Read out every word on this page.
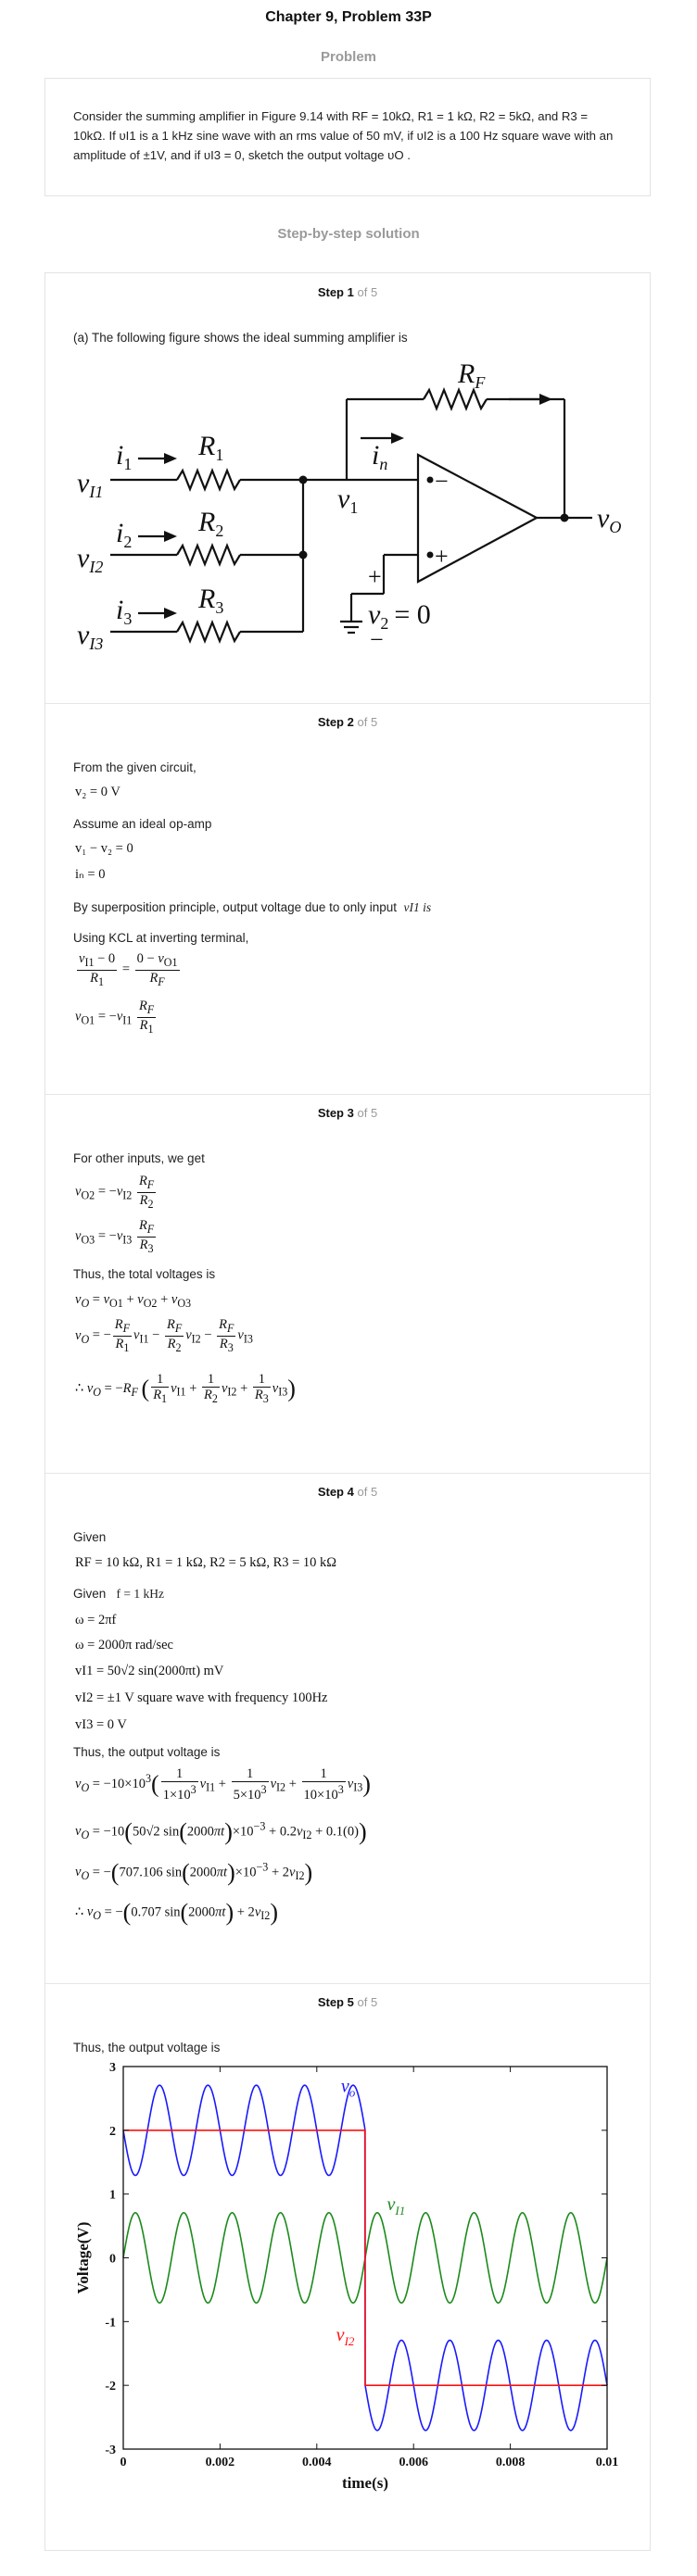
Chapter 9, Problem 33P
Problem
Consider the summing amplifier in Figure 9.14 with RF = 10kΩ, R1 = 1 kΩ, R2 = 5kΩ, and R3 = 10kΩ. If υI1 is a 1 kHz sine wave with an rms value of 50 mV, if υI2 is a 100 Hz square wave with an amplitude of ±1V, and if υI3 = 0, sketch the output voltage υO .
Step-by-step solution
Step 1 of 5
(a) The following figure shows the ideal summing amplifier is
$R_F$
$R_1$
$R_2$
$R_3$
$i_1$
$i_2$
$i_3$
$i_n$
$v_1$
$v_2 = 0$
$v_O$
$v_{I1}$
$v_{I2}$
$v_{I3}$
−
+
+
−
Step 2 of 5
From the given circuit,
v₂ = 0 V
Assume an ideal op-amp
v₁ − v₂ = 0
iₙ = 0
By superposition principle, output voltage due to only input vI1 is
Using KCL at inverting terminal,
$\frac{v_{I1} - 0}{R_1} = \frac{0 - v_{O1}}{R_F}$
$v_{O1} = -v_{I1} \frac{R_F}{R_1}$
Step 3 of 5
For other inputs, we get
$v_{O2} = -v_{I2} \frac{R_F}{R_2}$
$v_{O3} = -v_{I3} \frac{R_F}{R_3}$
Thus, the total voltages is
$v_O = v_{O1} + v_{O2} + v_{O3}$
$v_O$ = − $\frac{R_F}{R_1} v_{I1} - \frac{R_F}{R_2} v_{I2} - \frac{R_F}{R_3} v_{I3}$
∴ $v_O = -R_F$ ( $\frac{1}{R_1} v_{I1} + \frac{1}{R_2} v_{I2} + \frac{1}{R_3} v_{I3}$)
Step 4 of 5
Given
RF = 10 kΩ, R1 = 1 kΩ, R2 = 5 kΩ, R3 = 10 kΩ
Given f = 1 kHz
ω = 2πf
ω = 2000π rad/sec
vI1 = 50√2 sin(2000πt) mV
vI2 = ±1 V square wave with frequency 100Hz
vI3 = 0 V
Thus, the output voltage is
$v_O = -10\times 10^3( \frac{1}{1\times 10^3} v_{I1} + \frac{1}{5\times 10^3} v_{I2} + \frac{1}{10\times 10^3} v_{I3})$
$v_O = -10(50√2$ $\sin(2000\pi t)\times 10^{-3} + 0.2v_{I2} + 0.1(0)$)
$v_O = -(707.106$ $\sin(2000\pi t)\times 10^{-3} + 2v_{I2}$)
∴ $v_O = -(0.707$ $\sin(2000\pi t) + 2v_{I2}$)
Step 5 of 5
Thus, the output voltage is
0	0.002	0.004	0.006	0.008	0.01
3
2
1
0
-1
-2
-3
time(s)
Voltage(V)
$v_o$
$v_{I1}$
$v_{I2}$
